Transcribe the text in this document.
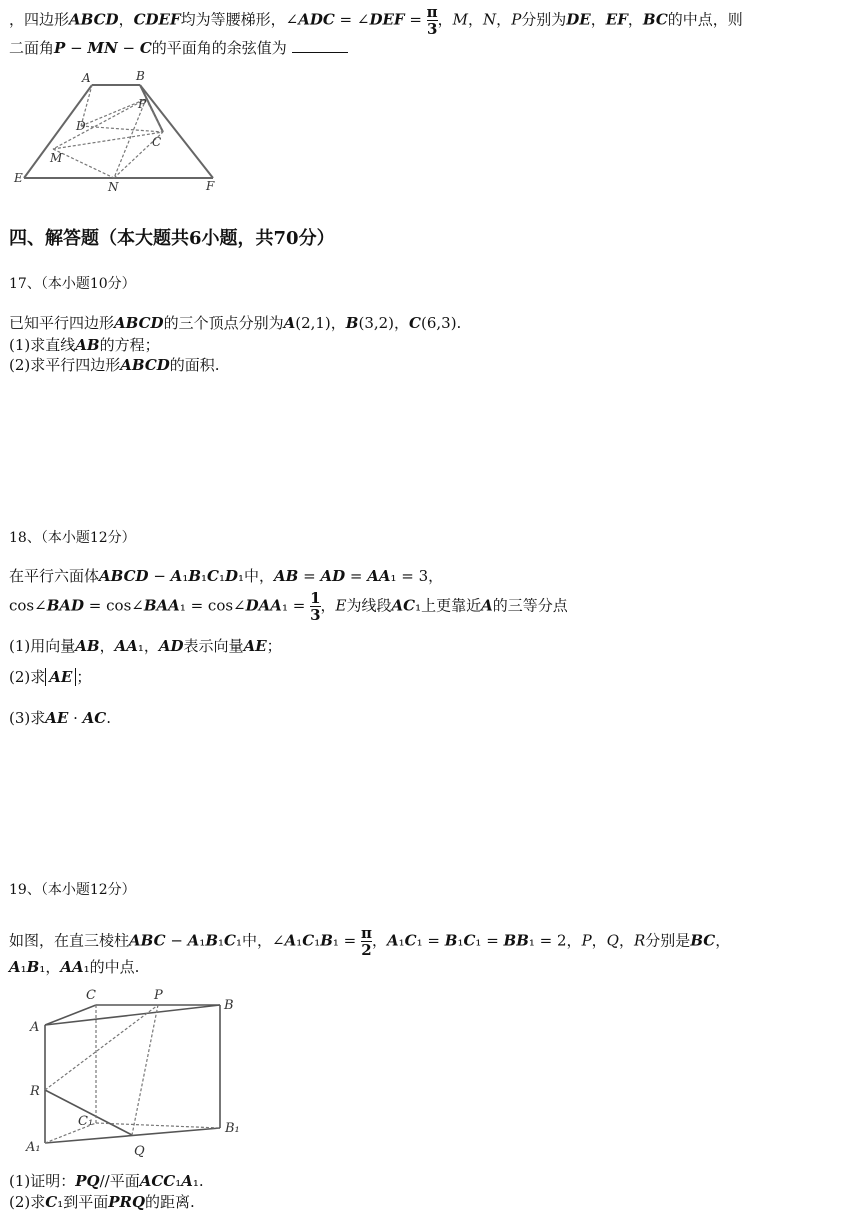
，四边形ABCD，CDEF均为等腰梯形，∠ADC = ∠DEF = $\frac{\pi}{3}$ ，M，N，P分别为DE，EF，BC的中点，则
二面角P − MN − C的平面角的余弦值为
A	B
P
D
C
M
E
N	F
四、解答题（本大题共6小题，共70分）
17、（本小题10分）
已知平行四边形ABCD的三个顶点分别为A(2,1)，B(3,2)，C(6,3).
(1)求直线AB的方程；
(2)求平行四边形ABCD的面积.
18、（本小题12分）
在平行六面体ABCD − A₁B₁C₁D₁中，AB = AD = AA₁ = 3，
cos∠BAD = cos∠BAA₁ = cos∠DAA₁ = $\frac{1}{3}$ ，E为线段AC₁上更靠近A的三等分点
(1)用向量AB，AA₁，AD表示向量AE；
(2)求 AE ；
(3)求AE · AC.
19、（本小题12分）
如图，在直三棱柱ABC − A₁B₁C₁中，∠A₁C₁B₁ = $\frac{\pi}{2}$ ，A₁C₁ = B₁C₁ = BB₁ = 2，P，Q，R分别是BC，
A₁B₁，AA₁的中点.
C	P
B
A
R
C₁	B₁
A₁	Q
(1)证明：PQ//平面ACC₁A₁.
(2)求C₁到平面PRQ的距离.
